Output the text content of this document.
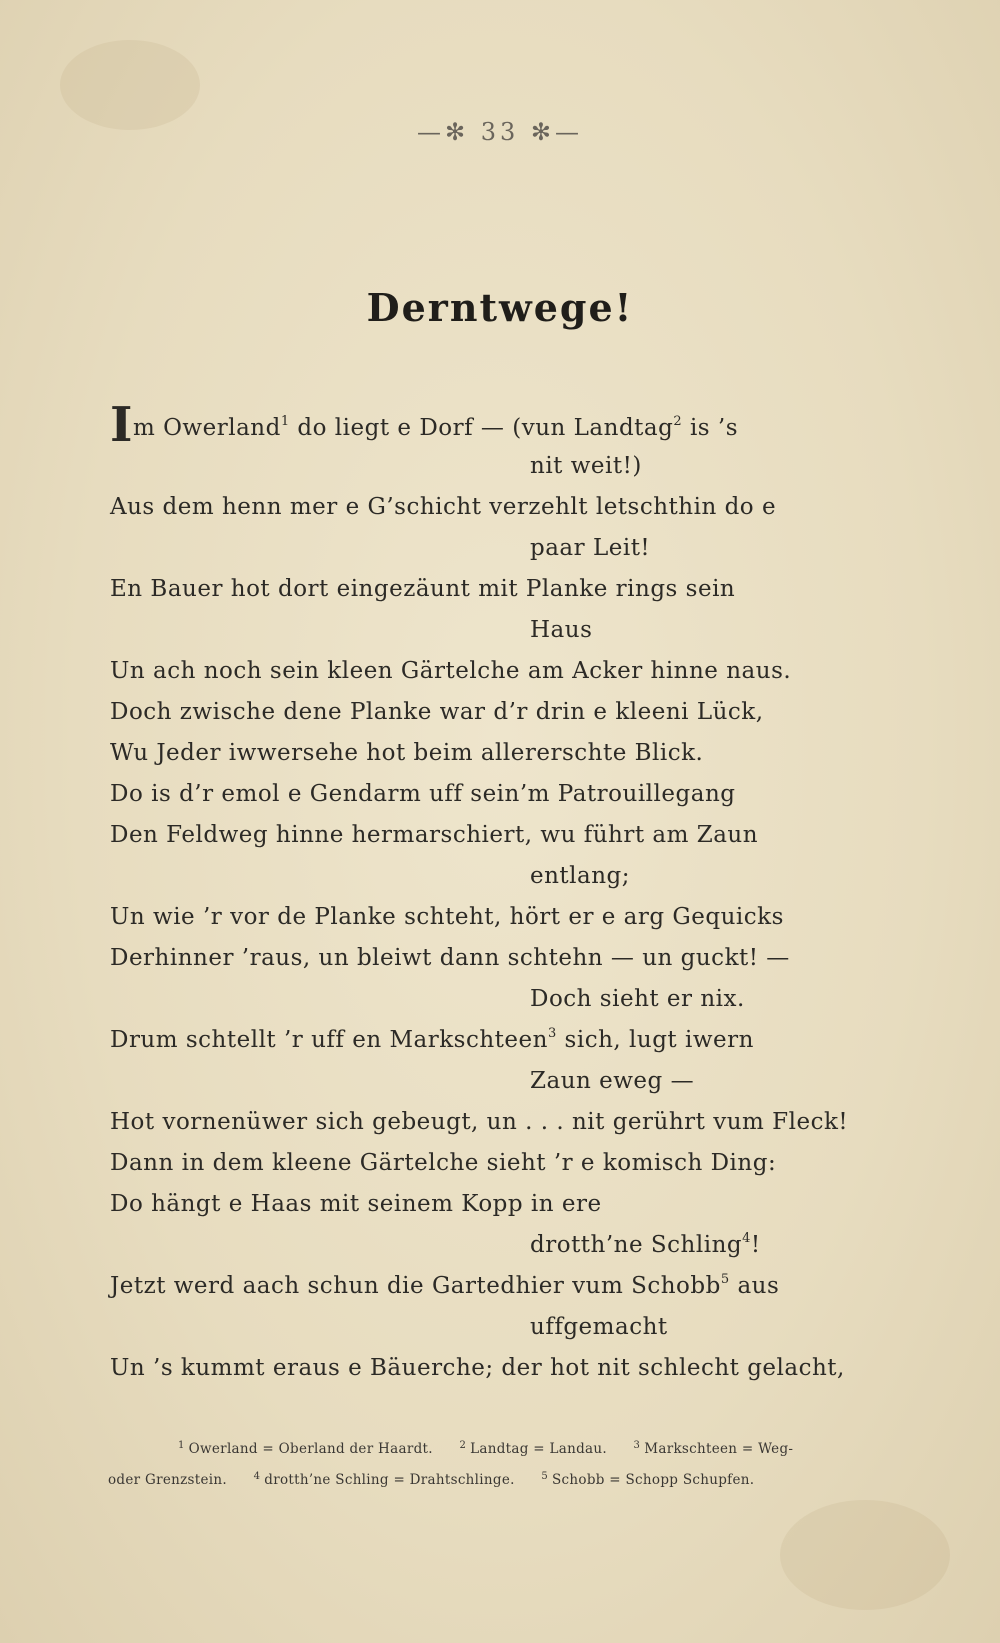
—✻ 33 ✻—
Derntwege!
Im Owerland$^1$ do liegt e Dorf — (vun Landtag$^2$ is ’s
nit weit!)
Aus dem henn mer e G’schicht verzehlt letschthin do e
paar Leit!
En Bauer hot dort eingezäunt mit Planke rings sein
Haus
Un ach noch sein kleen Gärtelche am Acker hinne naus.
Doch zwische dene Planke war d’r drin e kleeni Lück,
Wu Jeder iwwersehe hot beim allererschte Blick.
Do is d’r emol e Gendarm uff sein’m Patrouillegang
Den Feldweg hinne hermarschiert, wu führt am Zaun
entlang;
Un wie ’r vor de Planke schteht, hört er e arg Gequicks
Derhinner ’raus, un bleiwt dann schtehn — un guckt! —
Doch sieht er nix.
Drum schtellt ’r uff en Markschteen$^3$ sich, lugt iwern
Zaun eweg —
Hot vornenüwer sich gebeugt, un . . . nit gerührt vum Fleck!
Dann in dem kleene Gärtelche sieht ’r e komisch Ding:
Do hängt e Haas mit seinem Kopp in ere
drotth’ne Schling$^4$!
Jetzt werd aach schun die Gartedhier vum Schobb$^5$ aus
uffgemacht
Un ’s kummt eraus e Bäuerche; der hot nit schlecht gelacht,
$^1$ Owerland = Oberland der Haardt.	$^2$ Landtag = Landau.	$^3$ Markschteen = Weg- oder Grenzstein.	$^4$ drotth’ne Schling = Drahtschlinge.	$^5$ Schobb = Schopp Schupfen.
